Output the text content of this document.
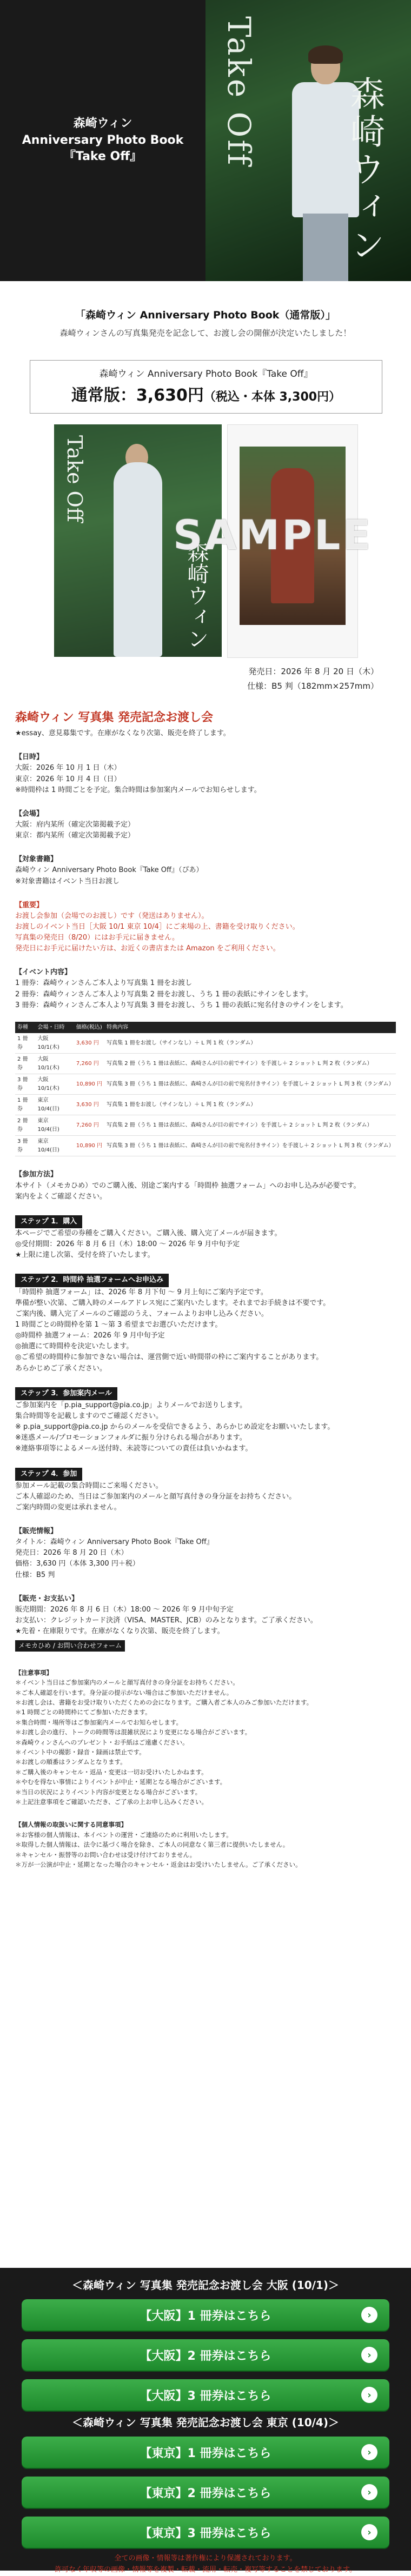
森崎ウィン
Anniversary Photo Book
『Take Off』	Take Off	森崎ウィン
「森崎ウィン Anniversary Photo Book（通常版）」
森崎ウィンさんの写真集発売を記念して、お渡し会の開催が決定いたしました！
森崎ウィン Anniversary Photo Book『Take Off』
通常版：3,630円（税込・本体 3,300円）
Take Off
森崎ウィン
SAMPLE
発売日：2026 年 8 月 20 日（木）
仕様：B5 判（182mm×257mm）
森崎ウィン 写真集 発売記念お渡し会
★essay、意見募集です。在庫がなくなり次第、販売を終了します。
【日時】
大阪：2026 年 10 月 1 日（木）
東京：2026 年 10 月 4 日（日）
※時間枠は 1 時間ごとを予定。集合時間は参加案内メールでお知らせします。
【会場】
大阪：府内某所（確定次第掲載予定）
東京：都内某所（確定次第掲載予定）
【対象書籍】
森崎ウィン Anniversary Photo Book『Take Off』（ぴあ）
※対象書籍はイベント当日お渡し
【重要】
お渡し会参加（会場でのお渡し）です（発送はありません）。
お渡しのイベント当日［大阪 10/1 東京 10/4］にご来場の上、書籍を受け取りください。
写真集の発売日（8/20）にはお手元に届きません。
発売日にお手元に届けたい方は、お近くの書店または Amazon をご利用ください。
【イベント内容】
1 冊券：森崎ウィンさんご本人より写真集 1 冊をお渡し
2 冊券：森崎ウィンさんご本人より写真集 2 冊をお渡し、うち 1 冊の表紙にサインをします。
3 冊券：森崎ウィンさんご本人より写真集 3 冊をお渡し、うち 1 冊の表紙に宛名付きのサインをします。
券種	会場・日時	価格(税込)	特典内容
1 冊券	大阪 10/1(木)	3,630 円	写真集 1 冊をお渡し（サインなし）＋ L 判 1 枚（ランダム）
2 冊券	大阪 10/1(木)	7,260 円	写真集 2 冊（うち 1 冊は表紙に、森崎さんが目の前でサイン）を手渡し＋ 2 ショット L 判 2 枚（ランダム）
3 冊券	大阪 10/1(木)	10,890 円	写真集 3 冊（うち 1 冊は表紙に、森崎さんが目の前で宛名付きサイン）を手渡し＋ 2 ショット L 判 3 枚（ランダム）
1 冊券	東京 10/4(日)	3,630 円	写真集 1 冊をお渡し（サインなし）＋ L 判 1 枚（ランダム）
2 冊券	東京 10/4(日)	7,260 円	写真集 2 冊（うち 1 冊は表紙に、森崎さんが目の前でサイン）を手渡し＋ 2 ショット L 判 2 枚（ランダム）
3 冊券	東京 10/4(日)	10,890 円	写真集 3 冊（うち 1 冊は表紙に、森崎さんが目の前で宛名付きサイン）を手渡し＋ 2 ショット L 判 3 枚（ランダム）
【参加方法】
本サイト（メモカひめ）でのご購入後、別途ご案内する「時間枠 抽選フォーム」へのお申し込みが必要です。
案内をよくご確認ください。
ステップ 1．購入
本ページでご希望の券種をご購入ください。ご購入後、購入完了メールが届きます。
◎受付期間：2026 年 8 月 6 日（木）18:00 ～ 2026 年 9 月中旬予定
★上限に達し次第、受付を終了いたします。
ステップ 2．時間枠 抽選フォームへお申込み
「時間枠 抽選フォーム」は、2026 年 8 月下旬 ～ 9 月上旬にご案内予定です。
準備が整い次第、ご購入時のメールアドレス宛にご案内いたします。それまでお手続きは不要です。
ご案内後、購入完了メールのご確認のうえ、フォームよりお申し込みください。
1 時間ごとの時間枠を第 1 ～第 3 希望までお選びいただけます。
◎時間枠 抽選フォーム：2026 年 9 月中旬予定
◎抽選にて時間枠を決定いたします。
◎ご希望の時間枠に参加できない場合は、運営側で近い時間帯の枠にご案内することがあります。
あらかじめご了承ください。
ステップ 3．参加案内メール
ご参加案内を「p.pia_support@pia.co.jp」よりメールでお送りします。
集合時間等を記載しますのでご確認ください。
※ p.pia_support@pia.co.jp からのメールを受信できるよう、あらかじめ設定をお願いいたします。
※迷惑メール/プロモーションフォルダに振り分けられる場合があります。
※連絡事項等によるメール送付時、未読等についての責任は負いかねます。
ステップ 4．参加
参加メール記載の集合時間にご来場ください。
ご本人確認のため、当日はご参加案内のメールと顔写真付きの身分証をお持ちください。
ご案内時間の変更は承れません。
【販売情報】
タイトル：森崎ウィン Anniversary Photo Book『Take Off』
発売日：2026 年 8 月 20 日（木）
価格：3,630 円（本体 3,300 円＋税）
仕様：B5 判
【販売・お支払い】
販売期間：2026 年 8 月 6 日（木）18:00 ～ 2026 年 9 月中旬予定
お支払い：クレジットカード決済（VISA、MASTER、JCB）のみとなります。ご了承ください。
★先着・在庫限りです。在庫がなくなり次第、販売を終了します。
メモカひめ / お問い合わせフォーム
【注意事項】
＊イベント当日はご参加案内のメールと顔写真付きの身分証をお持ちください。
＊ご本人確認を行います。身分証の提示がない場合はご参加いただけません。
＊お渡し会は、書籍をお受け取りいただくための会になります。ご購入者ご本人のみご参加いただけます。
＊1 時間ごとの時間枠にてご参加いただきます。
＊集合時間・場所等はご参加案内メールでお知らせします。
＊お渡し会の進行、トークの時間等は混雑状況により変更になる場合がございます。
＊森崎ウィンさんへのプレゼント・お手紙はご遠慮ください。
＊イベント中の撮影・録音・録画は禁止です。
＊お渡しの順番はランダムとなります。
＊ご購入後のキャンセル・返品・変更は一切お受けいたしかねます。
＊やむを得ない事情によりイベントが中止・延期となる場合がございます。
＊当日の状況によりイベント内容が変更となる場合がございます。
＊上記注意事項をご確認いただき、ご了承の上お申し込みください。
【個人情報の取扱いに関する同意事項】
＊お客様の個人情報は、本イベントの運営・ご連絡のために利用いたします。
＊取得した個人情報は、法令に基づく場合を除き、ご本人の同意なく第三者に提供いたしません。
＊キャンセル・振替等のお問い合わせは受け付けておりません。
＊万が一公演が中止・延期となった場合のキャンセル・返金はお受けいたしません。ご了承ください。
＜森崎ウィン 写真集 発売記念お渡し会 大阪 (10/1)＞
【大阪】1 冊券はこちら	›
【大阪】2 冊券はこちら	›
【大阪】3 冊券はこちら	›
＜森崎ウィン 写真集 発売記念お渡し会 東京 (10/4)＞
【東京】1 冊券はこちら	›
【東京】2 冊券はこちら	›
【東京】3 冊券はこちら	›
全ての画像・情報等は著作権により保護されております。
許可なく年収等の画像・情報等を複製・転載・流用・転売・複写等することを禁じております。
